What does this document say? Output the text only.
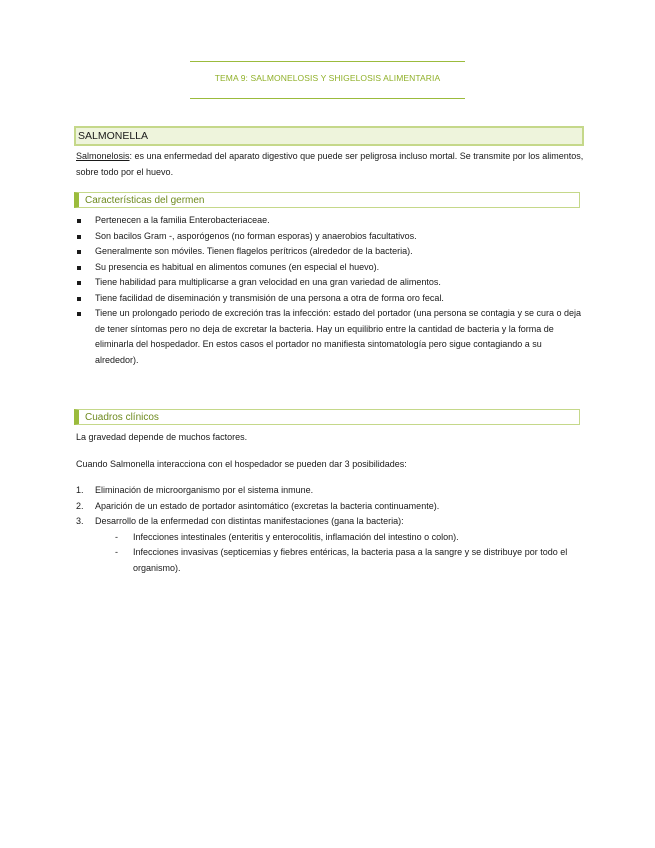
TEMA 9: SALMONELOSIS Y SHIGELOSIS ALIMENTARIA
SALMONELLA

Salmonelosis: es una enfermedad del aparato digestivo que puede ser peligrosa incluso mortal. Se transmite por los alimentos, sobre todo por el huevo.

Características del germen
Pertenecen a la familia Enterobacteriaceae.
Son bacilos Gram -, asporógenos (no forman esporas) y anaerobios facultativos.
Generalmente son móviles. Tienen flagelos perítricos (alrededor de la bacteria).
Su presencia es habitual en alimentos comunes (en especial el huevo).
Tiene habilidad para multiplicarse a gran velocidad en una gran variedad de alimentos.
Tiene facilidad de diseminación y transmisión de una persona a otra de forma oro fecal.
Tiene un prolongado periodo de excreción tras la infección: estado del portador (una persona se contagia y se cura o deja de tener síntomas pero no deja de excretar la bacteria. Hay un equilibrio entre la cantidad de bacteria y la forma de eliminarla del hospedador. En estos casos el portador no manifiesta sintomatología pero sigue contagiando a su alrededor).
Cuadros clínicos

La gravedad depende de muchos factores.

Cuando Salmonella interacciona con el hospedador se pueden dar 3 posibilidades:

1. Eliminación de microorganismo por el sistema inmune.
2. Aparición de un estado de portador asintomático (excretas la bacteria continuamente).
3. Desarrollo de la enfermedad con distintas manifestaciones (gana la bacteria):
- Infecciones intestinales (enteritis y enterocolitis, inflamación del intestino o colon).
- Infecciones invasivas (septicemias y fiebres entéricas, la bacteria pasa a la sangre y se distribuye por todo el organismo).
